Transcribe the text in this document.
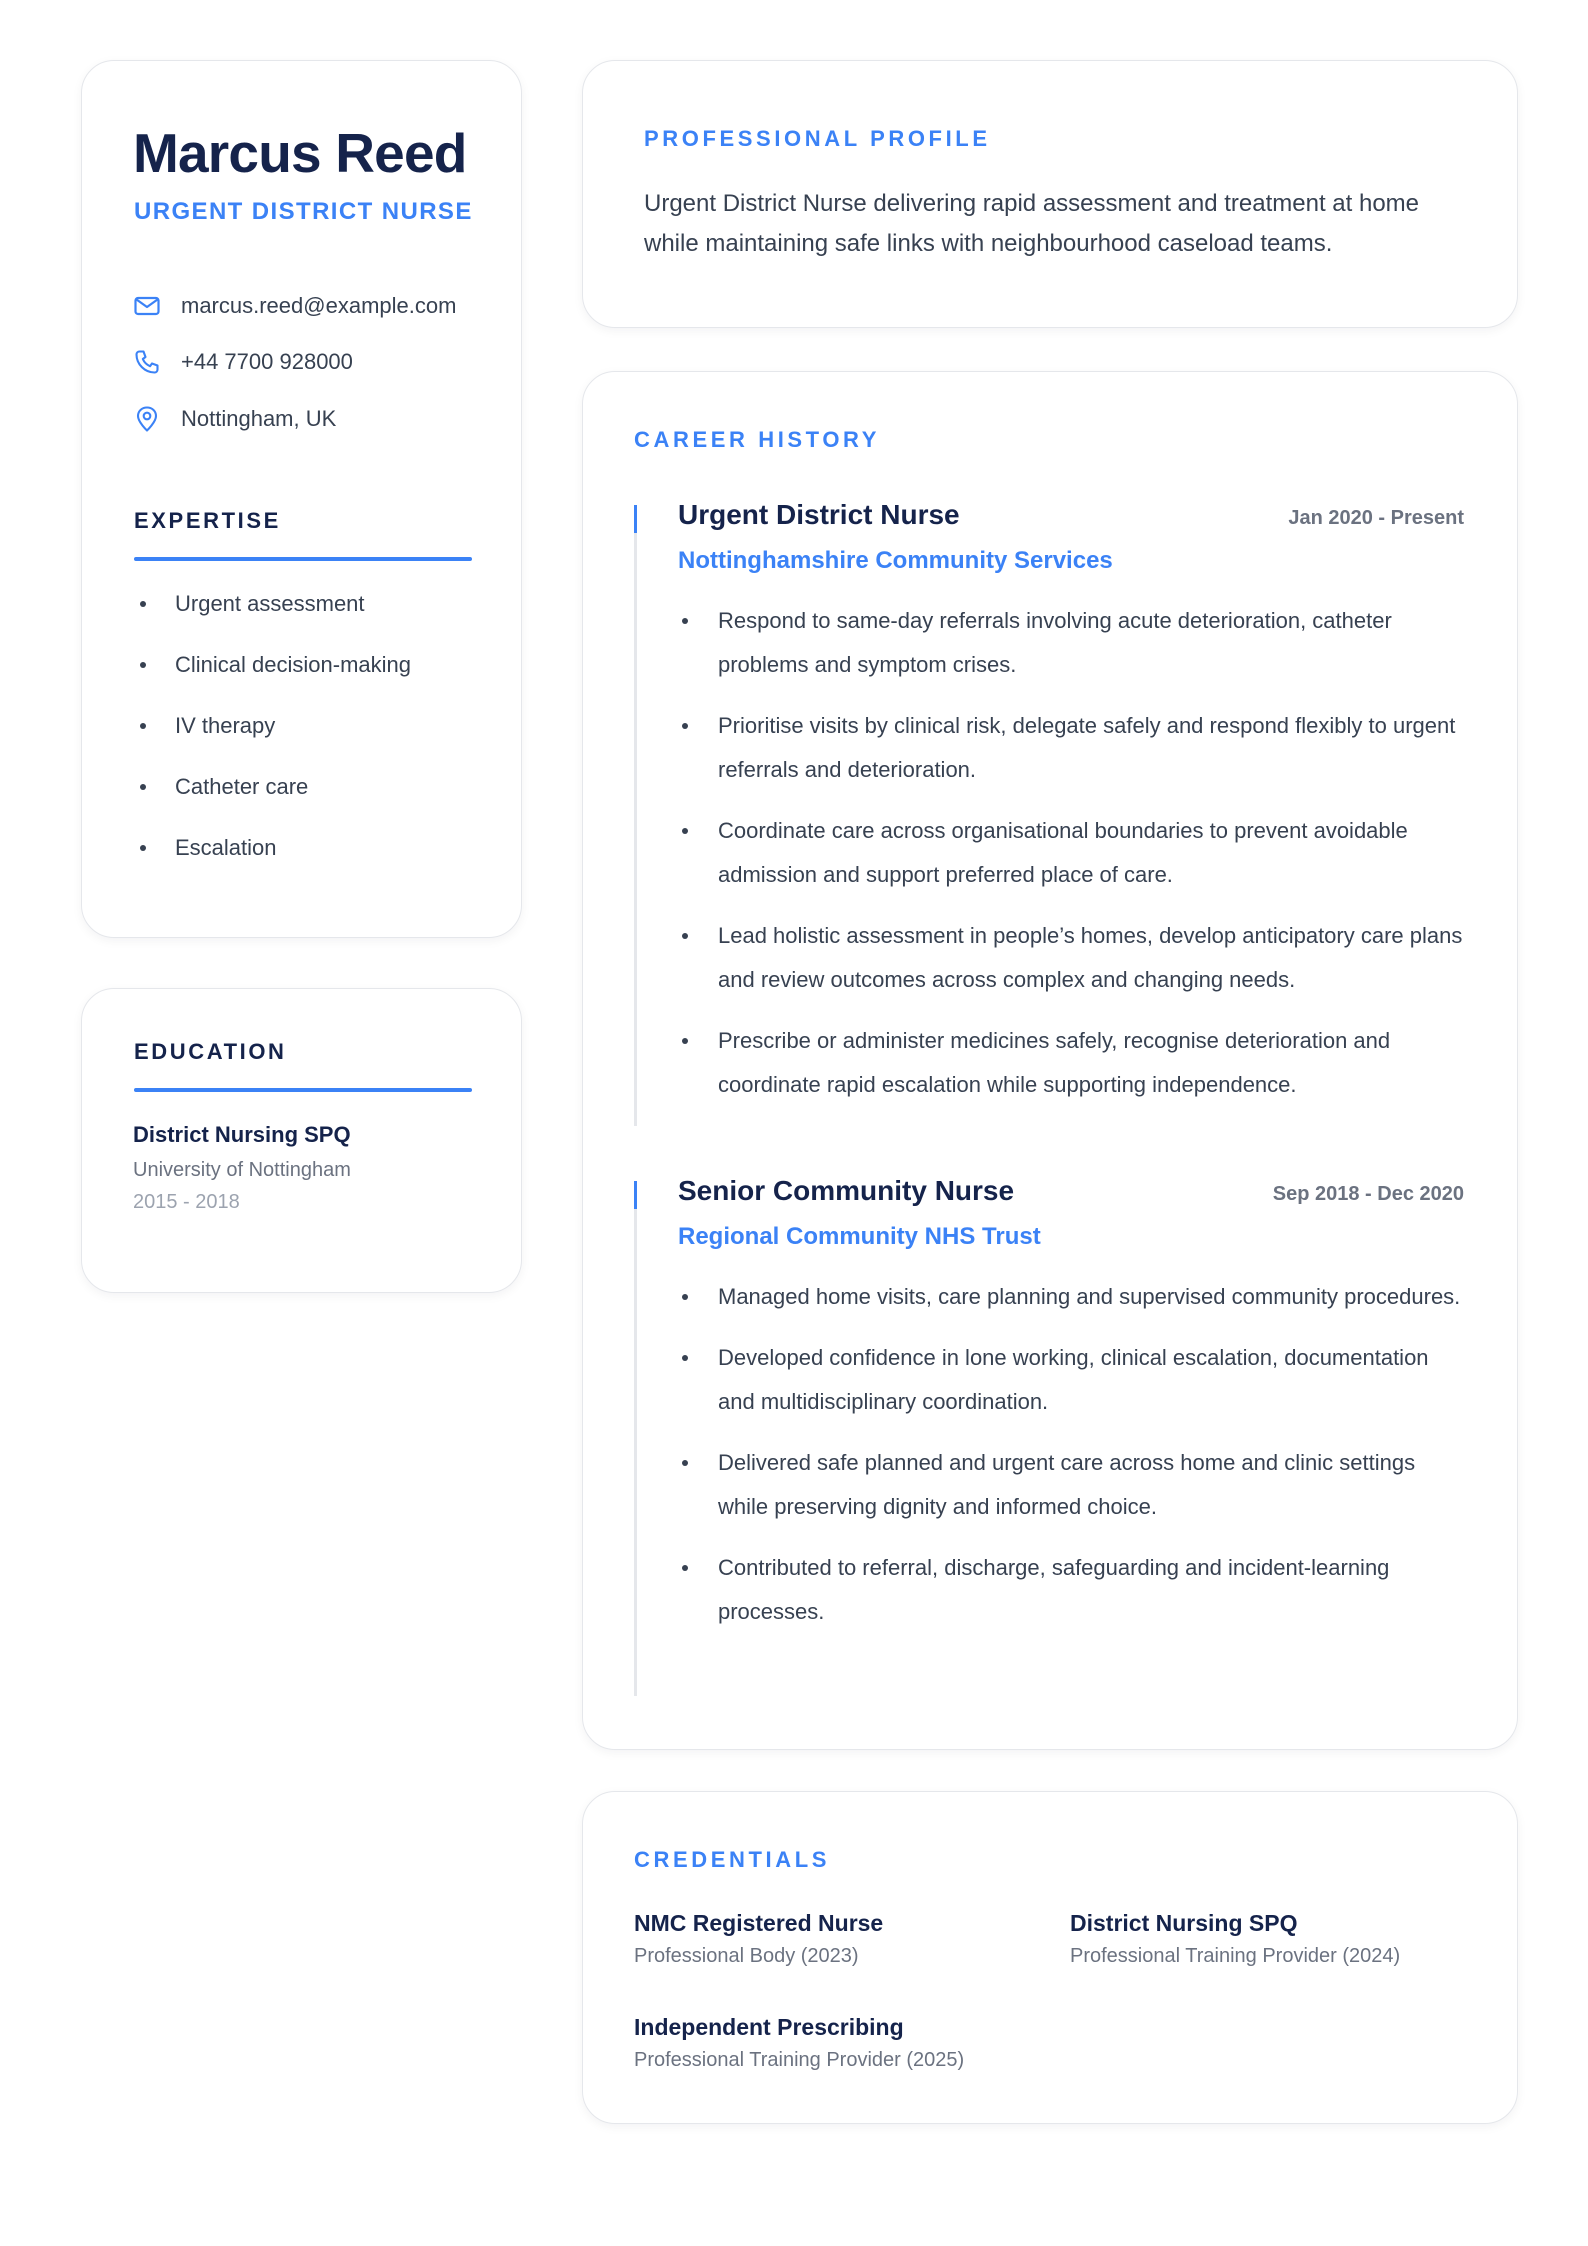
Marcus Reed
URGENT DISTRICT NURSE
marcus.reed@example.com
+44 7700 928000
Nottingham, UK
EXPERTISE
Urgent assessment
Clinical decision-making
IV therapy
Catheter care
Escalation
EDUCATION
District Nursing SPQ
University of Nottingham
2015 - 2018
PROFESSIONAL PROFILE

Urgent District Nurse delivering rapid assessment and treatment at home while maintaining safe links with neighbourhood caseload teams.

CAREER HISTORY
Urgent District Nurse	Jan 2020 - Present
Nottinghamshire Community Services
Respond to same-day referrals involving acute deterioration, catheter problems and symptom crises.
Prioritise visits by clinical risk, delegate safely and respond flexibly to urgent referrals and deterioration.
Coordinate care across organisational boundaries to prevent avoidable admission and support preferred place of care.
Lead holistic assessment in people’s homes, develop anticipatory care plans and review outcomes across complex and changing needs.
Prescribe or administer medicines safely, recognise deterioration and coordinate rapid escalation while supporting independence.
Senior Community Nurse	Sep 2018 - Dec 2020
Regional Community NHS Trust
Managed home visits, care planning and supervised community procedures.
Developed confidence in lone working, clinical escalation, documentation and multidisciplinary coordination.
Delivered safe planned and urgent care across home and clinic settings while preserving dignity and informed choice.
Contributed to referral, discharge, safeguarding and incident-learning processes.
CREDENTIALS
NMC Registered Nurse
Professional Body (2023)
District Nursing SPQ
Professional Training Provider (2024)
Independent Prescribing
Professional Training Provider (2025)
